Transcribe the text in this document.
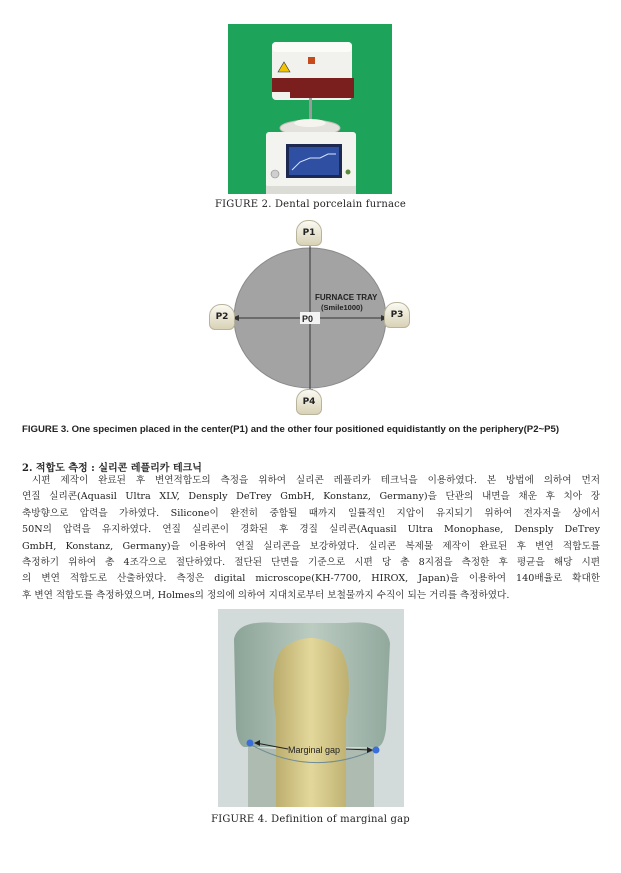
FIGURE 2. Dental porcelain furnace
FURNACE TRAY
(Smile1000)
P0
P1
P2	P3
P4
FIGURE 3. One specimen placed in the center(P1) and the other four positioned equidistantly on the periphery(P2~P5)
2. 적합도 측정 : 실리콘 레플리카 테크닉
시편 제작이 완료된 후 변연적합도의 측정을 위하여 실리콘 레플리카 테크닉을 이용하였다. 본 방법에 의하여 먼저
연질 실리콘(Aquasil Ultra XLV, Densply DeTrey GmbH, Konstanz, Germany)을 단관의 내면을 채운 후 치아 장
축방향으로 압력을 가하였다. Silicone이 완전히 중합될 때까지 일률적인 지압이 유지되기 위하여 전자저울 상에서
50N의 압력을 유지하였다. 연질 실리콘이 경화된 후 경질 실리콘(Aquasil Ultra Monophase, Densply DeTrey
GmbH, Konstanz, Germany)을 이용하여 연질 실리콘을 보강하였다. 실리콘 복제물 제작이 완료된 후 변연 적합도를
측정하기 위하여 총 4조각으로 절단하였다. 절단된 단면을 기준으로 시편 당 총 8지점을 측정한 후 평균을 해당 시편
의 변연 적합도로 산출하였다. 측정은 digital microscope(KH-7700, HIROX, Japan)을 이용하여 140배율로 확대한
후 변연 적합도를 측정하였으며, Holmes의 정의에 의하여 지대치로부터 보철물까지 수직이 되는 거리를 측정하였다.
Marginal gap
FIGURE 4. Definition of marginal gap
